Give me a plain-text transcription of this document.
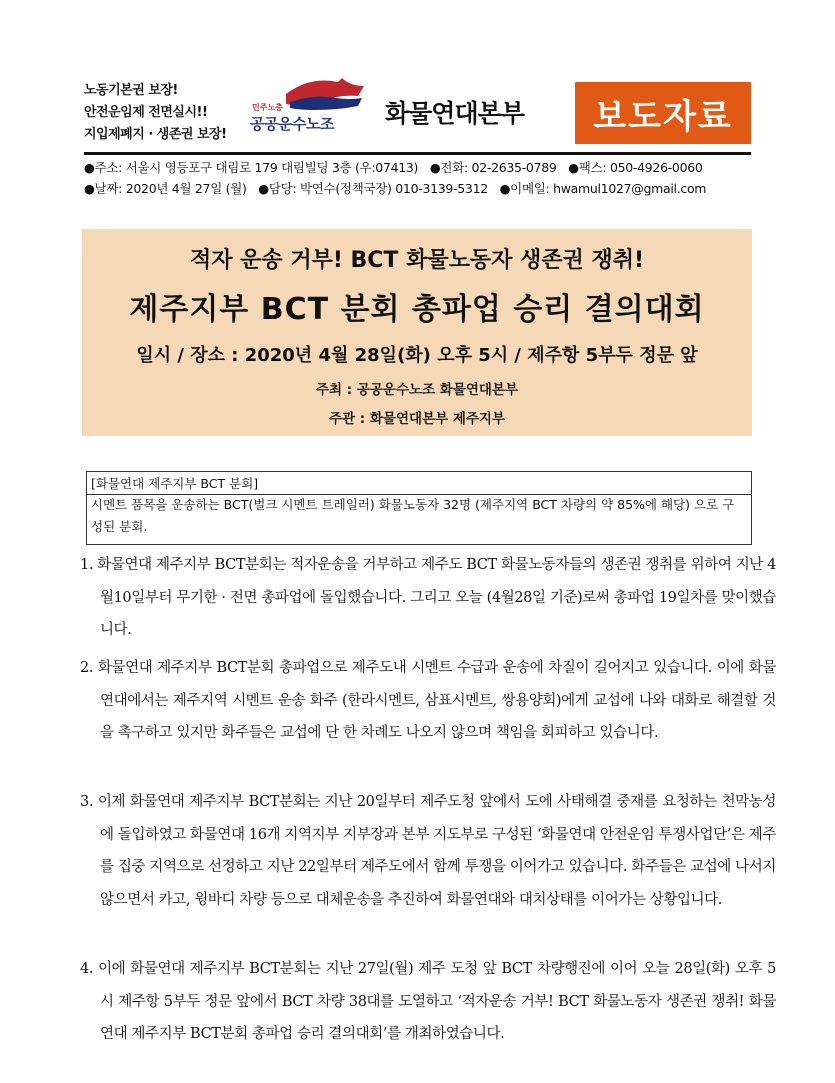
노동기본권 보장!
안전운임제 전면실시!!
지입제폐지 · 생존권 보장!
민주노총
공공운수노조 화물연대본부	보도자료
●주소: 서울시 영등포구 대림로 179 대림빌딩 3층 (우:07413) ●전화: 02-2635-0789 ●팩스: 050-4926-0060
●날짜: 2020년 4월 27일 (월) ●담당: 박연수(정책국장) 010-3139-5312 ●이메일: hwamul1027@gmail.com
적자 운송 거부! BCT 화물노동자 생존권 쟁취!
제주지부 BCT 분회 총파업 승리 결의대회
일시 / 장소 : 2020년 4월 28일(화) 오후 5시 / 제주항 5부두 정문 앞
주최 : 공공운수노조 화물연대본부
주관 : 화물연대본부 제주지부
[화물연대 제주지부 BCT 분회]
시멘트 품목을 운송하는 BCT(벌크 시멘트 트레일러) 화물노동자 32명 (제주지역 BCT 차량의 약 85%에 해당) 으로 구성된 분회.
1. 화물연대 제주지부 BCT분회는 적자운송을 거부하고 제주도 BCT 화물노동자들의 생존권 쟁취를 위하여 지난 4월10일부터 무기한 · 전면 총파업에 돌입했습니다. 그리고 오늘 (4월28일 기준)로써 총파업 19일차를 맞이했습니다.
2. 화물연대 제주지부 BCT분회 총파업으로 제주도내 시멘트 수급과 운송에 차질이 길어지고 있습니다. 이에 화물연대에서는 제주지역 시멘트 운송 화주 (한라시멘트, 삼표시멘트, 쌍용양회)에게 교섭에 나와 대화로 해결할 것을 촉구하고 있지만 화주들은 교섭에 단 한 차례도 나오지 않으며 책임을 회피하고 있습니다.
3. 이제 화물연대 제주지부 BCT분회는 지난 20일부터 제주도청 앞에서 도에 사태해결 중재를 요청하는 천막농성에 돌입하였고 화물연대 16개 지역지부 지부장과 본부 지도부로 구성된 ‘화물연대 안전운임 투쟁사업단’은 제주를 집중 지역으로 선정하고 지난 22일부터 제주도에서 함께 투쟁을 이어가고 있습니다. 화주들은 교섭에 나서지 않으면서 카고, 윙바디 차량 등으로 대체운송을 추진하여 화물연대와 대치상태를 이어가는 상황입니다.
4. 이에 화물연대 제주지부 BCT분회는 지난 27일(월) 제주 도청 앞 BCT 차량행진에 이어 오늘 28일(화) 오후 5시 제주항 5부두 정문 앞에서 BCT 차량 38대를 도열하고 ‘적자운송 거부! BCT 화물노동자 생존권 쟁취! 화물연대 제주지부 BCT분회 총파업 승리 결의대회’를 개최하였습니다.
